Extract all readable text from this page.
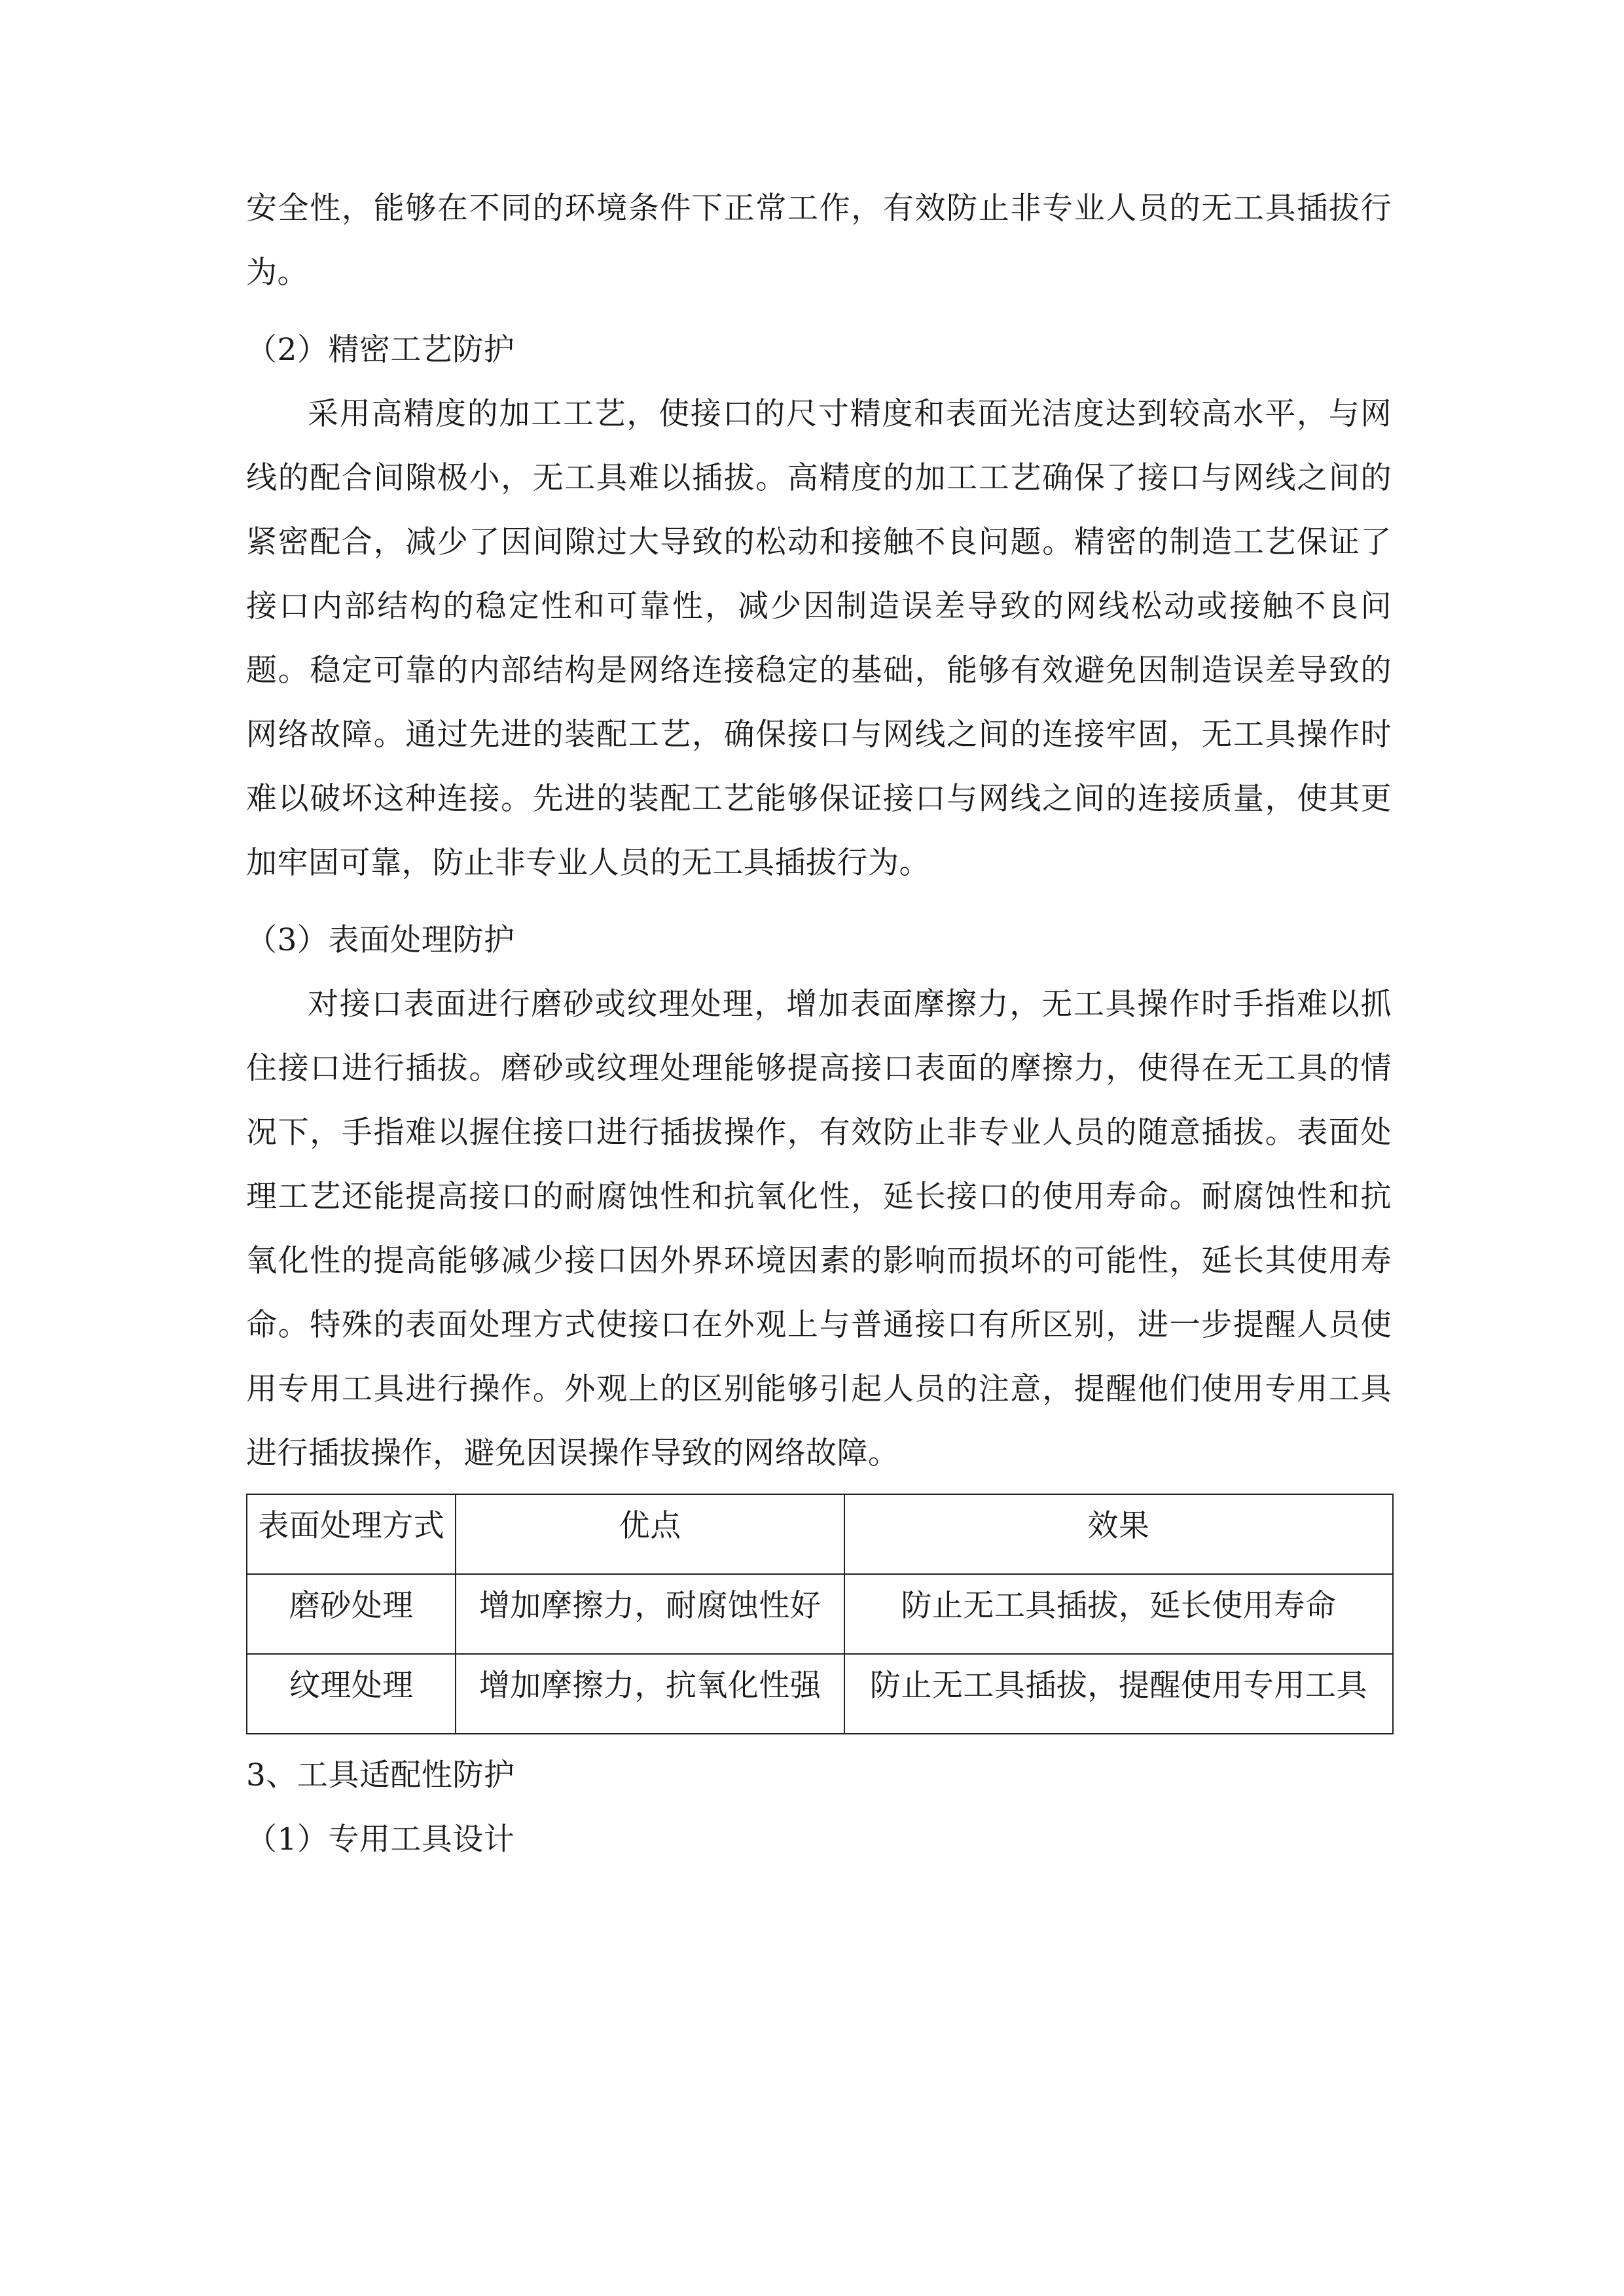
安全性，能够在不同的环境条件下正常工作，有效防止非专业人员的无工具插拔行为。

（2）精密工艺防护

采用高精度的加工工艺，使接口的尺寸精度和表面光洁度达到较高水平，与网线的配合间隙极小，无工具难以插拔。高精度的加工工艺确保了接口与网线之间的紧密配合，减少了因间隙过大导致的松动和接触不良问题。精密的制造工艺保证了接口内部结构的稳定性和可靠性，减少因制造误差导致的网线松动或接触不良问题。稳定可靠的内部结构是网络连接稳定的基础，能够有效避免因制造误差导致的网络故障。通过先进的装配工艺，确保接口与网线之间的连接牢固，无工具操作时难以破坏这种连接。先进的装配工艺能够保证接口与网线之间的连接质量，使其更加牢固可靠，防止非专业人员的无工具插拔行为。

（3）表面处理防护

对接口表面进行磨砂或纹理处理，增加表面摩擦力，无工具操作时手指难以抓住接口进行插拔。磨砂或纹理处理能够提高接口表面的摩擦力，使得在无工具的情况下，手指难以握住接口进行插拔操作，有效防止非专业人员的随意插拔。表面处理工艺还能提高接口的耐腐蚀性和抗氧化性，延长接口的使用寿命。耐腐蚀性和抗氧化性的提高能够减少接口因外界环境因素的影响而损坏的可能性，延长其使用寿命。特殊的表面处理方式使接口在外观上与普通接口有所区别，进一步提醒人员使用专用工具进行操作。外观上的区别能够引起人员的注意，提醒他们使用专用工具进行插拔操作，避免因误操作导致的网络故障。

表面处理方式	优点	效果
磨砂处理	增加摩擦力，耐腐蚀性好	防止无工具插拔，延长使用寿命
纹理处理	增加摩擦力，抗氧化性强	防止无工具插拔，提醒使用专用工具

3、工具适配性防护

（1）专用工具设计
